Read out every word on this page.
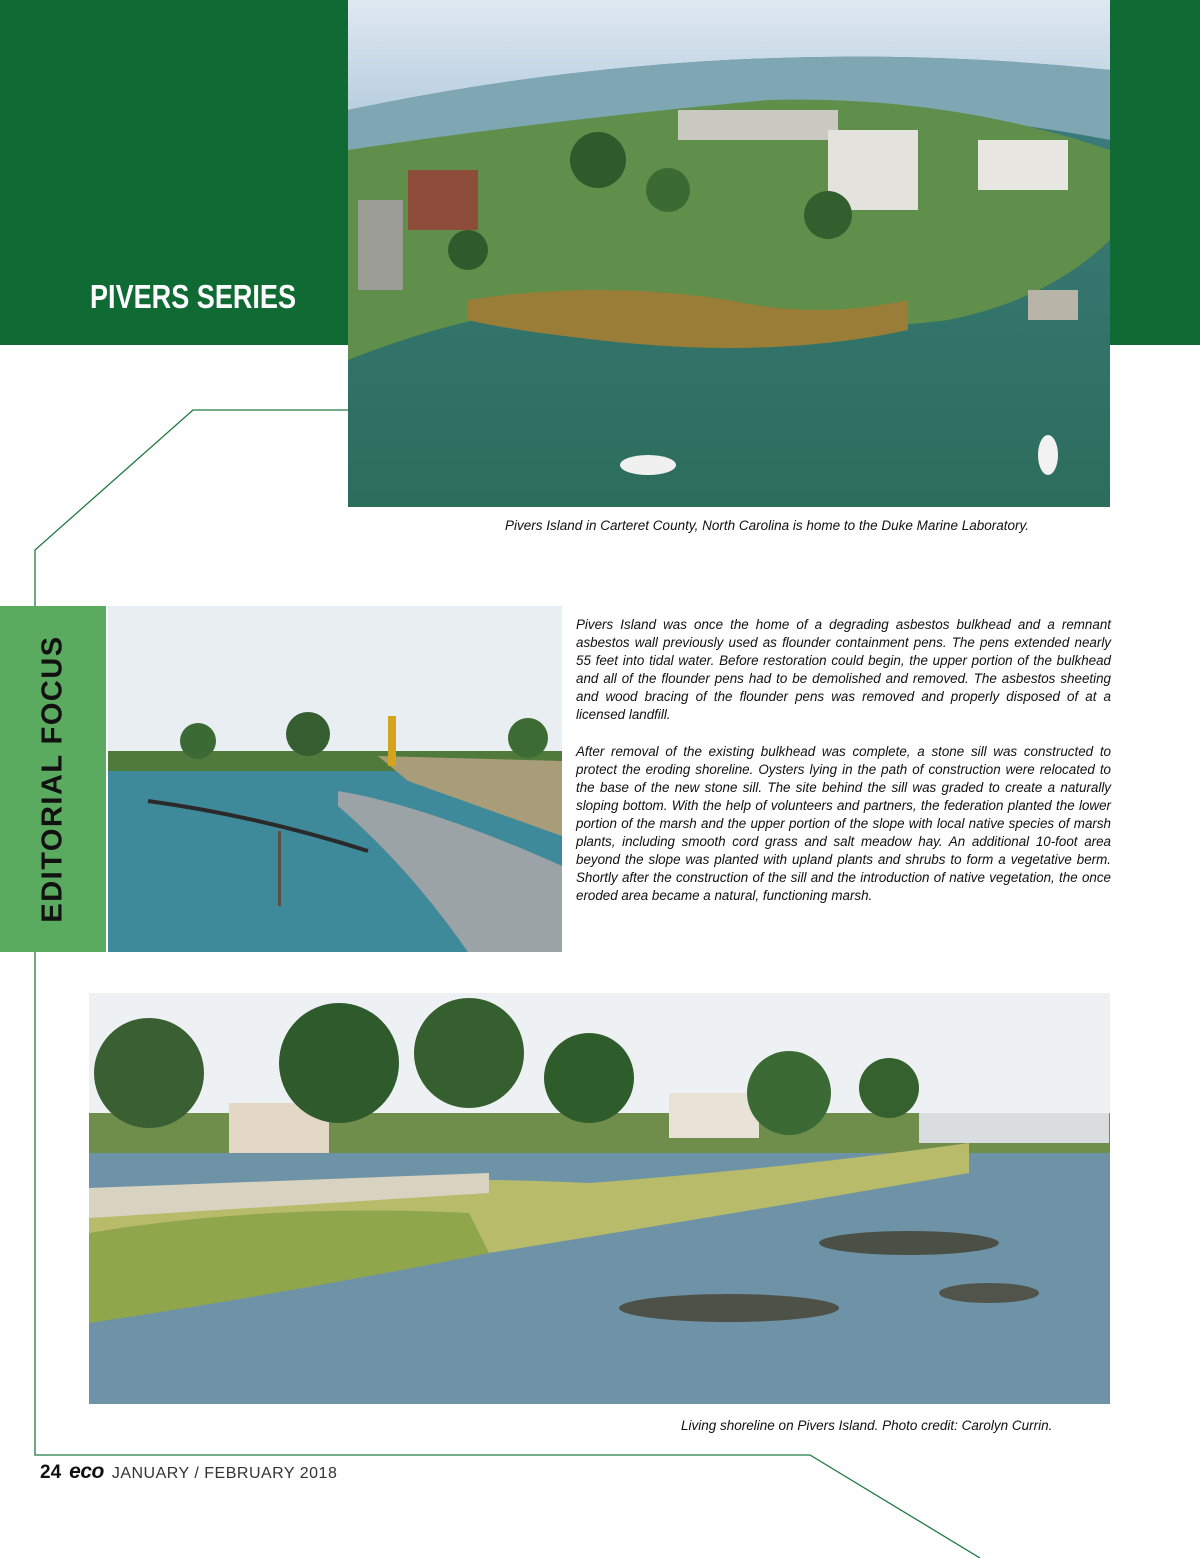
PIVERS SERIES
Pivers Island in Carteret County, North Carolina is home to the Duke Marine Laboratory.
EDITORIAL FOCUS

Pivers Island was once the home of a degrading asbestos bulkhead and a remnant asbestos wall previously used as flounder containment pens. The pens extended nearly 55 feet into tidal water. Before restoration could begin, the upper portion of the bulkhead and all of the flounder pens had to be demolished and removed. The asbestos sheeting and wood bracing of the flounder pens was removed and properly disposed of at a licensed landfill.

After removal of the existing bulkhead was complete, a stone sill was constructed to protect the eroding shoreline. Oysters lying in the path of construction were relocated to the base of the new stone sill. The site behind the sill was graded to create a naturally sloping bottom. With the help of volunteers and partners, the federation planted the lower portion of the marsh and the upper portion of the slope with local native species of marsh plants, including smooth cord grass and salt meadow hay. An additional 10-foot area beyond the slope was planted with upland plants and shrubs to form a vegetative berm. Shortly after the construction of the sill and the introduction of native vegetation, the once eroded area became a natural, functioning marsh.

Living shoreline on Pivers Island. Photo credit: Carolyn Currin.
24 eco JANUARY / FEBRUARY 2018
